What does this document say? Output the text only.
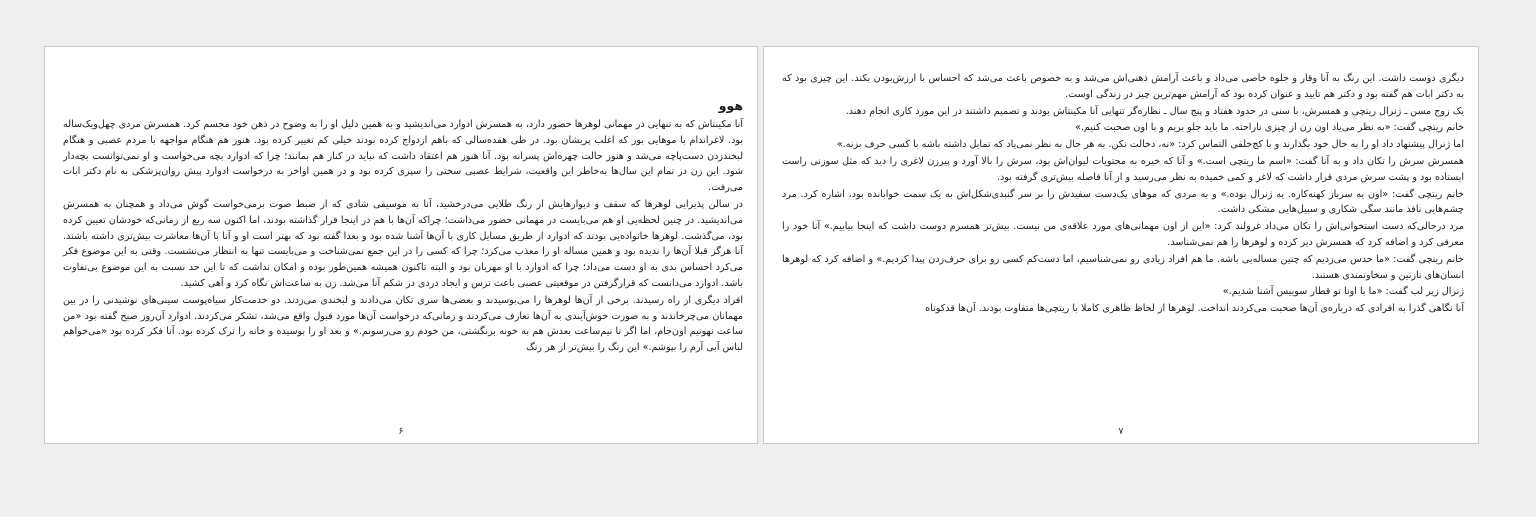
هوو

آنا مکینتاش که به تنهایی در مهمانی لوهرها حضور دارد، به همسرش ادوارد می‌اندیشید و به همین دلیل او را به وضوح در ذهن خود مجسم کرد. همسرش مردی چهل‌ویک‌ساله بود. لاغراندام با موهایی بور که اغلب پریشان بود. در طی هفده‌سالی که باهم ازدواج کرده بودند خیلی کم تغییر کرده بود. هنوز هم هنگام مواجهه با مردم عصبی و هنگام لبخندزدن دست‌پاچه می‌شد و هنوز حالت چهره‌اش پسرانه بود. آنا هنوز هم اعتقاد داشت که نباید در کنار هم بمانند؛ چرا که ادوارد بچه می‌خواست و او نمی‌توانست بچه‌دار شود. این زن در تمام این سال‌ها به‌خاطر این واقعیت، شرایط عصبی سختی را سپری کرده بود و در همین اواخر به درخواست ادوارد پیش روان‌پزشکی به نام دکتر ابات می‌رفت.

در سالن پذیرایی لوهرها که سقف و دیوارهایش از رنگ طلایی می‌درخشید، آنا به موسیقی شادی که از ضبط صوت برمی‌خواست گوش می‌داد و همچنان به همسرش می‌اندیشید. در چنین لحظه‌یی او هم می‌بایست در مهمانی حضور می‌داشت؛ چراکه آن‌ها با هم در اینجا قرار گذاشته بودند، اما اکنون سه ربع از زمانی‌که خودشان تعیین کرده بود، می‌گذشت. لوهرها خانواده‌یی بودند که ادوارد از طریق مسایل کاری با آن‌ها آشنا شده بود و بعدا گفته بود که بهتر است او و آنا با آن‌ها معاشرت بیش‌تری داشته باشند. آنا هرگز قبلا آن‌ها را ندیده بود و همین مساله او را معذب می‌کرد؛ چرا که کسی را در این جمع نمی‌شناخت و می‌بایست تنها به انتظار می‌نشست. وقتی به این موضوع فکر می‌کرد احساس بدی به او دست می‌داد؛ چرا که ادوارد با او مهربان بود و البته تاکنون همیشه همین‌طور بوده و امکان نداشت که تا این حد نسبت به این موضوع بی‌تفاوت باشد. ادوارد می‌دانست که قرارگرفتن در موقعیتی عصبی باعث ترس و ایجاد دردی در شکم آنا می‌شد. زن به ساعت‌اش نگاه کرد و آهی کشید.

افراد دیگری از راه رسیدند. برخی از آن‌ها لوهرها را می‌بوسیدند و بعضی‌ها سری تکان می‌دادند و لبخندی می‌زدند. دو خدمت‌کار سیاه‌پوست سینی‌های نوشیدنی را در بین مهمانان می‌چرخاندند و به صورت خوش‌آیندی به آن‌ها تعارف می‌کردند و زمانی‌که درخواست آن‌ها مورد قبول واقع می‌شد، تشکر می‌کردند. ادوارد آن‌روز صبح گفته بود «من ساعت نهونیم اون‌جام، اما اگر تا نیم‌ساعت بعدش هم به خونه برنگشتی، من خودم رو می‌رسونم.» و بعد او را بوسیده و خانه را ترک کرده بود. آنا فکر کرده بود «می‌خواهم لباس آبی آرم را بپوشم.» این رنگ را بیش‌تر از هر رنگ

۶

دیگری دوست داشت. این رنگ به آنا وقار و جلوه خاصی می‌داد و باعث آرامش ذهنی‌اش می‌شد و به خصوص باعث می‌شد که احساس با ارزش‌بودن بکند. این چیزی بود که به دکتر ابات هم گفته بود و دکتر هم تایید و عنوان کرده بود که آرامش مهم‌ترین چیز در زندگی اوست.

یک زوج مسن ـ ژنرال ریتچی و همسرش، با سنی در حدود هفتاد و پنج سال ـ نظاره‌گر تنهایی آنا مکینتاش بودند و تصمیم داشتند در این مورد کاری انجام دهند.

خانم ریتچی گفت: «به نظر می‌یاد اون زن از چیزی ناراحته. ما باید جلو بریم و با اون صحبت کنیم.»

اما ژنرال پیشنهاد داد او را به حال خود بگذارند و با کج‌خلقی التماس کرد: «نه، دخالت نکن. به هر حال به نظر نمی‌یاد که تمایل داشته باشه با کسی حرف بزنه.»

همسرش سرش را تکان داد و به آنا گفت: «اسم ما ریتچی است.» و آنا که خیره به محتویات لیوان‌اش بود، سرش را بالا آورد و پیرزن لاغری را دید که مثل سوزنی راست ایستاده بود و پشت سرش مردی قرار داشت که لاغر و کمی خمیده به نظر می‌رسید و از آنا فاصله بیش‌تری گرفته بود.

خانم ریتچی گفت: «اون یه سرباز کهنه‌کاره. یه ژنرال بوده.» و به مردی که موهای یک‌دست سفیدش را بر سر گنبدی‌شکل‌اش به یک سمت خوابانده بود، اشاره کرد. مرد چشم‌هایی نافذ مانند سگی شکاری و سبیل‌هایی مشکی داشت.

مرد درحالی‌که دست استخوانی‌اش را تکان می‌داد غرولند کرد: «این از اون مهمانی‌های مورد علاقه‌ی من نیست. بیش‌تر همسرم دوست داشت که اینجا بیاییم.» آنا خود را معرفی کرد و اضافه کرد که همسرش دیر کرده و لوهرها را هم نمی‌شناسد.

خانم ریتچی گفت: «ما حدس می‌زدیم که چنین مساله‌یی باشه. ما هم افراد زیادی رو نمی‌شناسیم، اما دست‌کم کسی رو برای حرف‌زدن پیدا کردیم.» و اضافه کرد که لوهرها انسان‌های نازنین و سخاوتمندی هستند.

ژنرال زیر لب گفت: «ما با اونا تو قطار سوییس آشنا شدیم.»

آنا نگاهی گذرا به افرادی که درباره‌ی آن‌ها صحبت می‌کردند انداخت. لوهرها از لحاظ ظاهری کاملا با ریتچی‌ها متفاوت بودند. آن‌ها قدکوتاه

۷
